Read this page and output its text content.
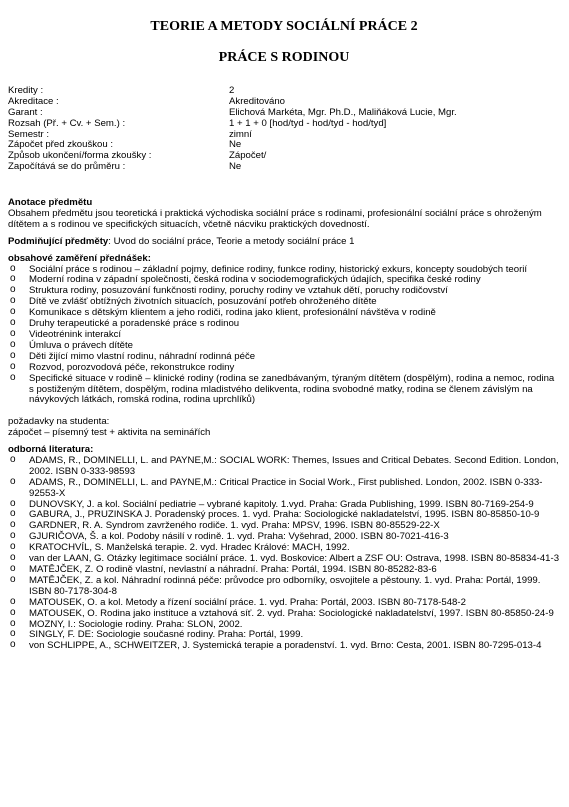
TEORIE A METODY SOCIÁLNÍ PRÁCE 2
PRÁCE S RODINOU
Kredity :	2
Akreditace :	Akreditováno
Garant :	Elichová Markéta, Mgr. Ph.D., Maliňáková Lucie, Mgr.
Rozsah (Př. + Cv. + Sem.) :	1 + 1 + 0 [hod/tyd - hod/tyd - hod/tyd]
Semestr :	zimní
Zápočet před zkouškou :	Ne
Způsob ukončení/forma zkoušky :	Zápočet/
Započítává se do průměru :	Ne

Anotace předmětu

Obsahem předmětu jsou teoretická i praktická východiska sociální práce s rodinami, profesionální sociální práce s ohroženým dítětem a s rodinou ve specifických situacích, včetně nácviku praktických dovedností.

Podmiňující předměty: Uvod do sociální práce, Teorie a metody sociální práce 1

obsahové zaměření přednášek:

o Sociální práce s rodinou – základní pojmy, definice rodiny, funkce rodiny, historický exkurs, koncepty soudobých teorií
o Moderní rodina v západní společnosti, česká rodina v sociodemografických údajích, specifika české rodiny
o Struktura rodiny, posuzování funkčnosti rodiny, poruchy rodiny ve vztahuk dětí, poruchy rodičovství
o Dítě ve zvlášť obtížných životních situacích, posuzování potřeb ohroženého dítěte
o Komunikace s dětským klientem a jeho rodiči, rodina jako klient, profesionální návštěva v rodině
o Druhy terapeutické a poradenské práce s rodinou
o Videotrénink interakcí
o Úmluva o právech dítěte
o Děti žijící mimo vlastní rodinu, náhradní rodinná péče
o Rozvod, porozvodová péče, rekonstrukce rodiny
o Specifické situace v rodině – klinické rodiny (rodina se zanedbávaným, týraným dítětem (dospělým), rodina a nemoc, rodina s postiženým dítětem, dospělým, rodina mladistvého delikventa, rodina svobodné matky, rodina se členem závislým na návykových látkách, romská rodina, rodina uprchlíků)

požadavky na studenta:

zápočet – písemný test + aktivita na seminářích

odborná literatura:

o ADAMS, R., DOMINELLI, L. and PAYNE,M.: SOCIAL WORK: Themes, Issues and Critical Debates. Second Edition. London, 2002. ISBN 0-333-98593
o ADAMS, R., DOMINELLI, L. and PAYNE,M.: Critical Practice in Social Work., First published. London, 2002. ISBN 0-333-92553-X
o DUNOVSKY, J. a kol. Sociální pediatrie – vybrané kapitoly. 1.vyd. Praha: Grada Publishing, 1999. ISBN 80-7169-254-9
o GABURA, J., PRUZINSKA J. Poradenský proces. 1. vyd. Praha: Sociologické nakladatelství, 1995. ISBN 80-85850-10-9
o GARDNER, R. A. Syndrom zavrženého rodiče. 1. vyd. Praha: MPSV, 1996. ISBN 80-85529-22-X
o GJURIČOVA, Š. a kol. Podoby násilí v rodině. 1. vyd. Praha: Vyšehrad, 2000. ISBN 80-7021-416-3
o KRATOCHVÍL, S. Manželská terapie. 2. vyd. Hradec Králové: MACH, 1992.
o van der LAAN, G. Otázky legitimace sociální práce. 1. vyd. Boskovice: Albert a ZSF OU: Ostrava, 1998. ISBN 80-85834-41-3
o MATĚJČEK, Z. O rodině vlastní, nevlastní a náhradní. Praha: Portál, 1994. ISBN 80-85282-83-6
o MATĚJČEK, Z. a kol. Náhradní rodinná péče: průvodce pro odborníky, osvojitele a pěstouny. 1. vyd. Praha: Portál, 1999. ISBN 80-7178-304-8
o MATOUSEK, O. a kol. Metody a řízení sociální práce. 1. vyd. Praha: Portál, 2003. ISBN 80-7178-548-2
o MATOUSEK, O. Rodina jako instituce a vztahová síť. 2. vyd. Praha: Sociologické nakladatelství, 1997. ISBN 80-85850-24-9
o MOZNY, I.: Sociologie rodiny. Praha: SLON, 2002.
o SINGLY, F. DE: Sociologie současné rodiny. Praha: Portál, 1999.
o von SCHLIPPE, A., SCHWEITZER, J. Systemická terapie a poradenství. 1. vyd. Brno: Cesta, 2001. ISBN 80-7295-013-4
